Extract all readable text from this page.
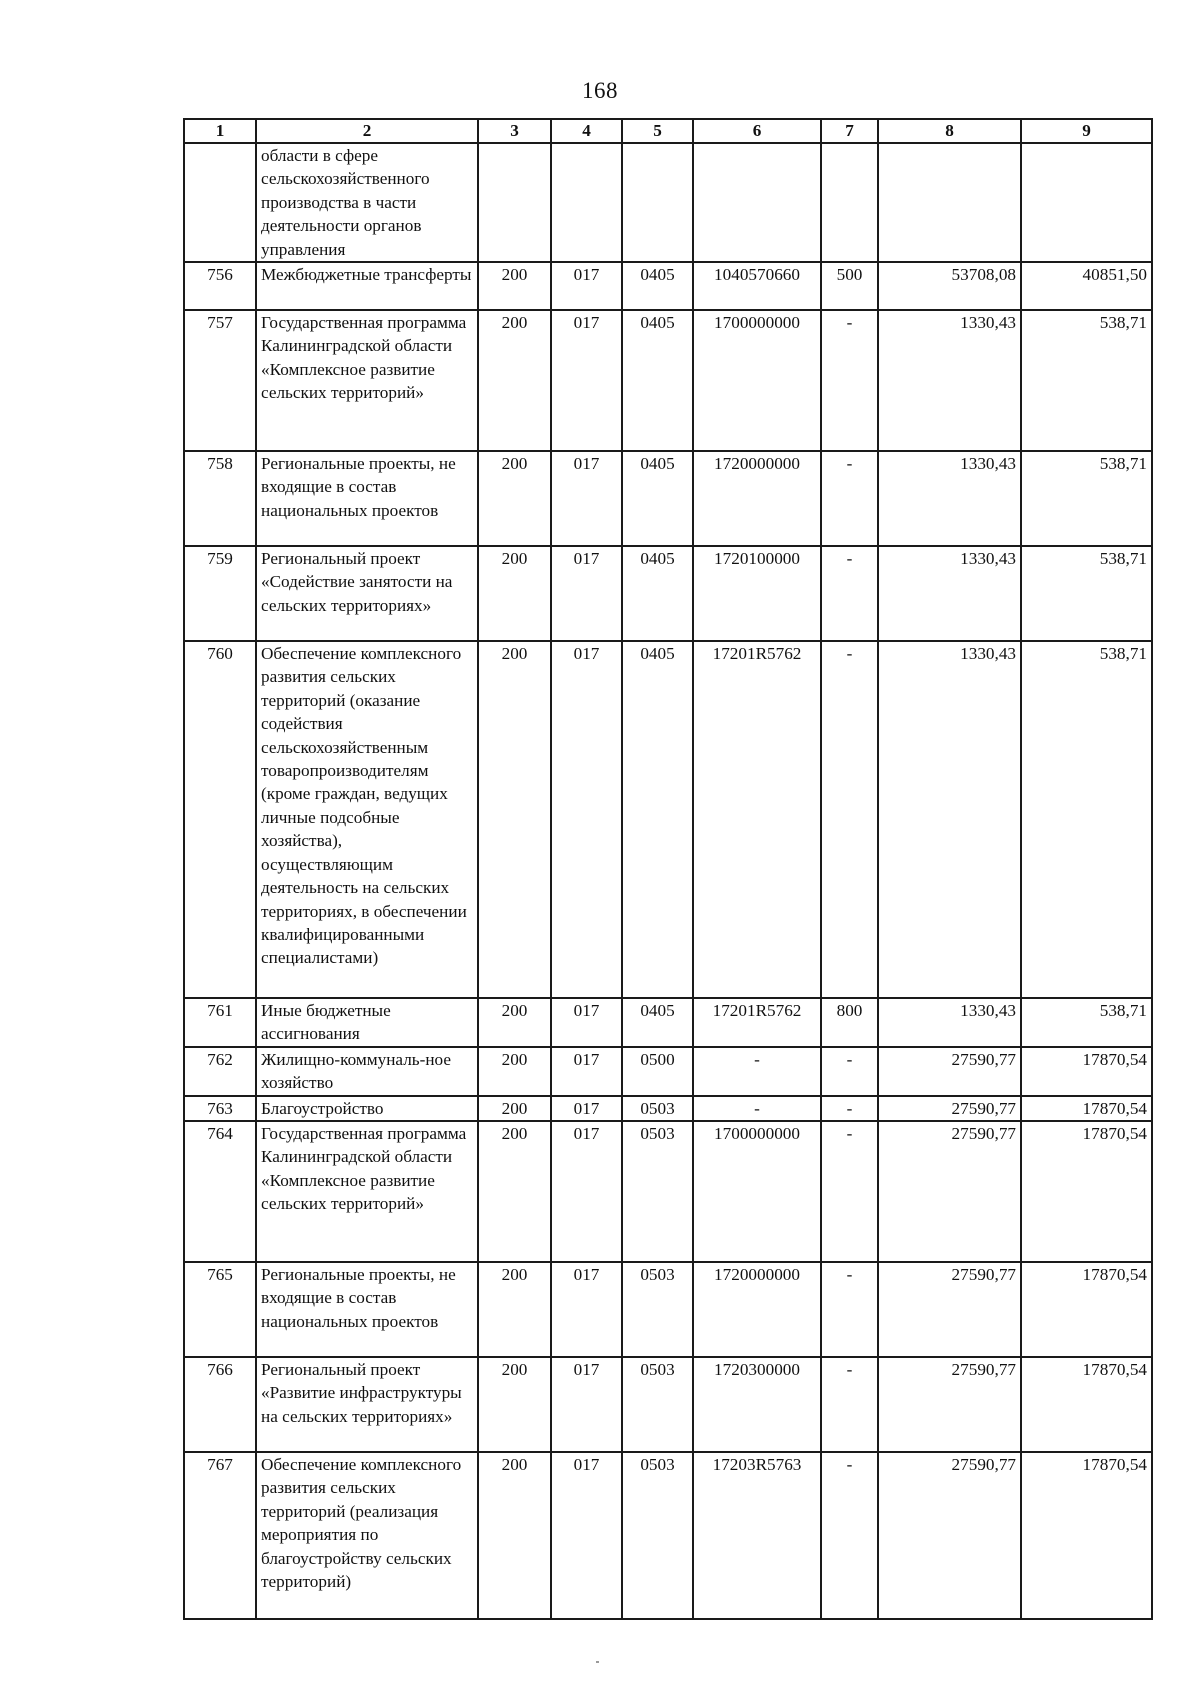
168
1	2	3	4	5	6	7	8	9
	области в сфере сельскохозяйственного производства в части деятельности органов управления							
756	Межбюджетные трансферты	200	017	0405	1040570660	500	53708,08	40851,50
757	Государственная программа Калининградской области «Комплексное развитие сельских территорий»	200	017	0405	1700000000	-	1330,43	538,71
758	Региональные проекты, не входящие в состав национальных проектов	200	017	0405	1720000000	-	1330,43	538,71
759	Региональный проект «Содействие занятости на сельских территориях»	200	017	0405	1720100000	-	1330,43	538,71
760	Обеспечение комплексного развития сельских территорий (оказание содействия сельскохозяйственным товаропроизводителям (кроме граждан, ведущих личные подсобные хозяйства), осуществляющим деятельность на сельских территориях, в обеспечении квалифицированными специалистами)	200	017	0405	17201R5762	-	1330,43	538,71
761	Иные бюджетные ассигнования	200	017	0405	17201R5762	800	1330,43	538,71
762	Жилищно-коммуналь-ное хозяйство	200	017	0500	-	-	27590,77	17870,54
763	Благоустройство	200	017	0503	-	-	27590,77	17870,54
764	Государственная программа Калининградской области «Комплексное развитие сельских территорий»	200	017	0503	1700000000	-	27590,77	17870,54
765	Региональные проекты, не входящие в состав национальных проектов	200	017	0503	1720000000	-	27590,77	17870,54
766	Региональный проект «Развитие инфраструктуры на сельских территориях»	200	017	0503	1720300000	-	27590,77	17870,54
767	Обеспечение комплексного развития сельских территорий (реализация мероприятия по благоустройству сельских территорий)	200	017	0503	17203R5763	-	27590,77	17870,54
